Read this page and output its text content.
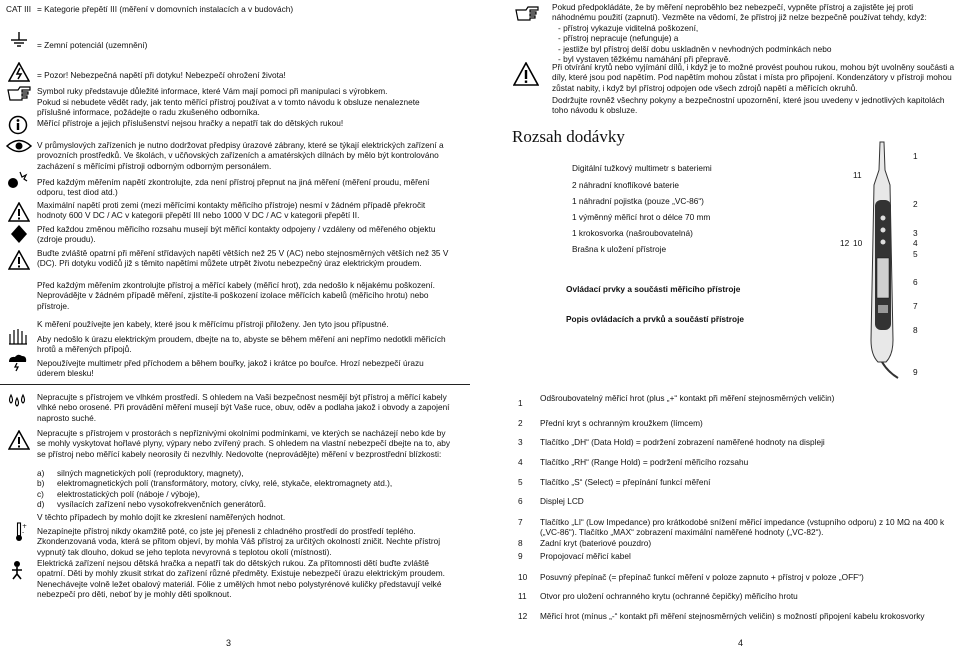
CAT III = Kategorie přepětí III (měření v domovních instalacích a v budovách)

= Zemní potenciál (uzemnění)

= Pozor! Nebezpečná napětí při dotyku! Nebezpečí ohrožení života!

Symbol ruky představuje důležité informace, které Vám mají pomoci při manipulaci s výrobkem.

Pokud si nebudete vědět rady, jak tento měřící přístroj používat a v tomto návodu k obsluze nenaleznete příslušné informace, požádejte o radu zkušeného odborníka.

Měřící přístroje a jejich příslušenství nejsou hračky a nepatří tak do dětských rukou!

V průmyslových zařízeních je nutno dodržovat předpisy úrazové zábrany, které se týkají elektrických zařízení a provozních prostředků. Ve školách, v učňovských zařízeních a amatérských dílnách by mělo být kontrolováno zacházení s měřícími přístroji odborným odborným personálem.

Před každým měřením napětí zkontrolujte, zda není přístroj přepnut na jiná měření (měření proudu, měření odporu, test diod atd.)

Maximální napětí proti zemi (mezi měřícími kontakty měřicího přístroje) nesmí v žádném případě překročit hodnoty 600 V DC / AC v kategorii přepětí III nebo 1000 V DC / AC v kategorii přepětí II.

Před každou změnou měřicího rozsahu musejí být měřicí kontakty odpojeny / vzdáleny od měřeného objektu (zdroje proudu).

Buďte zvláště opatrní při měření střídavých napětí větších než 25 V (AC) nebo stejnosměrných větších než 35 V (DC). Při dotyku vodičů již s těmito napětími můžete utrpět životu nebezpečný úraz elektrickým proudem.

Před každým měřením zkontrolujte přístroj a měřící kabely (měřicí hrot), zda nedošlo k nějakému poškození. Neprovádějte v žádném případě měření, zjistíte-li poškození izolace měřících kabelů (měřicího hrotu) nebo přístroje.

K měření používejte jen kabely, které jsou k měřícímu přístroji přiloženy. Jen tyto jsou přípustné.

Aby nedošlo k úrazu elektrickým proudem, dbejte na to, abyste se během měření ani nepřímo nedotkli měřicích hrotů a měřených přípojů.

Nepoužívejte multimetr před příchodem a během bouřky, jakož i krátce po bouřce. Hrozí nebezpečí úrazu úderem blesku!

Nepracujte s přístrojem ve vlhkém prostředí. S ohledem na Vaši bezpečnost nesmějí být přístroj a měřící kabely vlhké nebo orosené. Při provádění měření musejí být Vaše ruce, obuv, oděv a podlaha jakož i obvody a zapojení naprosto suché.

Nepracujte s přístrojem v prostorách s nepříznivými okolními podmínkami, ve kterých se nacházejí nebo kde by se mohly vyskytovat hořlavé plyny, výpary nebo zvířený prach. S ohledem na vlastní nebezpečí dbejte na to, aby se přístroj nebo měřící kabely neorosily či nezvlhly. Nedovolte (neprovádějte) měření v bezprostřední blízkosti:

a) silných magnetických polí (reproduktory, magnety),
b) elektromagnetických polí (transformátory, motory, cívky, relé, stykače, elektromagnety atd.),
c) elektrostatických polí (náboje / výboje),
d) vysílacích zařízení nebo vysokofrekvenčních generátorů.

V těchto případech by mohlo dojít ke zkreslení naměřených hodnot.

+
- Nezapínejte přístroj nikdy okamžitě poté, co jste jej přenesli z chladného prostředí do prostředí teplého. Zkondenzovaná voda, která se přitom objeví, by mohla Váš přístroj za určitých okolností zničit. Nechte přístroj vypnutý tak dlouho, dokud se jeho teplota nevyrovná s teplotou okolí (místnosti).

Elektrická zařízení nejsou dětská hračka a nepatří tak do dětských rukou. Za přítomnosti dětí buďte zvláště opatrní. Děti by mohly zkusit strkat do zařízení různé předměty. Existuje nebezpečí úrazu elektrickým proudem. Nenechávejte volně ležet obalový materiál. Fólie z umělých hmot nebo polystyrénové kuličky představují velké nebezpečí pro děti, neboť by je mohly děti spolknout.

3

Pokud předpokládáte, že by měření neproběhlo bez nebezpečí, vypněte přístroj a zajistěte jej proti náhodnému použití (zapnutí). Vezměte na vědomí, že přístroj již nelze bezpečně používat tehdy, když:

- přístroj vykazuje viditelná poškození,
- přístroj nepracuje (nefunguje) a
- jestliže byl přístroj delší dobu uskladněn v nevhodných podmínkách nebo
- byl vystaven těžkému namáhání při přepravě.

Při otvírání krytů nebo vyjímání dílů, i když je to možné provést pouhou rukou, mohou být uvolněny součásti a díly, které jsou pod napětím. Pod napětím mohou zůstat i místa pro připojení. Kondenzátory v přístroji mohou zůstat nabity, i když byl přístroj odpojen ode všech zdrojů napětí a měřících okruhů.

Dodržujte rovněž všechny pokyny a bezpečnostní upozornění, které jsou uvedeny v jednotlivých kapitolách toho návodu k obsluze.

Rozsah dodávky
Digitální tužkový multimetr s bateriemi
2 náhradní knoflíkové baterie
1 náhradní pojistka (pouze „VC-86“)
1 výměnný měřicí hrot o délce 70 mm
1 krokosvorka (našroubovatelná)
Brašna k uložení přístroje
Ovládací prvky a součásti měřicího přístroje
Popis ovládacích a prvků a součástí přístroje
1
11
2
12 10
3
4
5
6
7
8
9
1 Odšroubovatelný měřicí hrot (plus „+“ kontakt při měření stejnosměrných veličin)
2 Přední kryt s ochranným kroužkem (límcem)
3 Tlačítko „DH“ (Data Hold) = podržení zobrazení naměřené hodnoty na displeji
4 Tlačítko „RH“ (Range Hold) = podržení měřicího rozsahu
5 Tlačítko „S“ (Select) = přepínání funkcí měření
6 Displej LCD
7 Tlačítko „LI“ (Low Impedance) pro krátkodobé snížení měřicí impedance (vstupního odporu) z 10 MΩ na 400 k („VC-86“). Tlačítko „MAX“ zobrazení maximální naměřené hodnoty („VC-82“).
8 Zadní kryt (bateriové pouzdro)
9 Propojovací měřicí kabel
10 Posuvný přepínač (= přepínač funkcí měření v poloze zapnuto + přístroj v poloze „OFF“)
11 Otvor pro uložení ochranného krytu (ochranné čepičky) měřicího hrotu
12 Měřicí hrot (mínus „-“ kontakt při měření stejnosměrných veličin) s možností připojení kabelu krokosvorky
4
